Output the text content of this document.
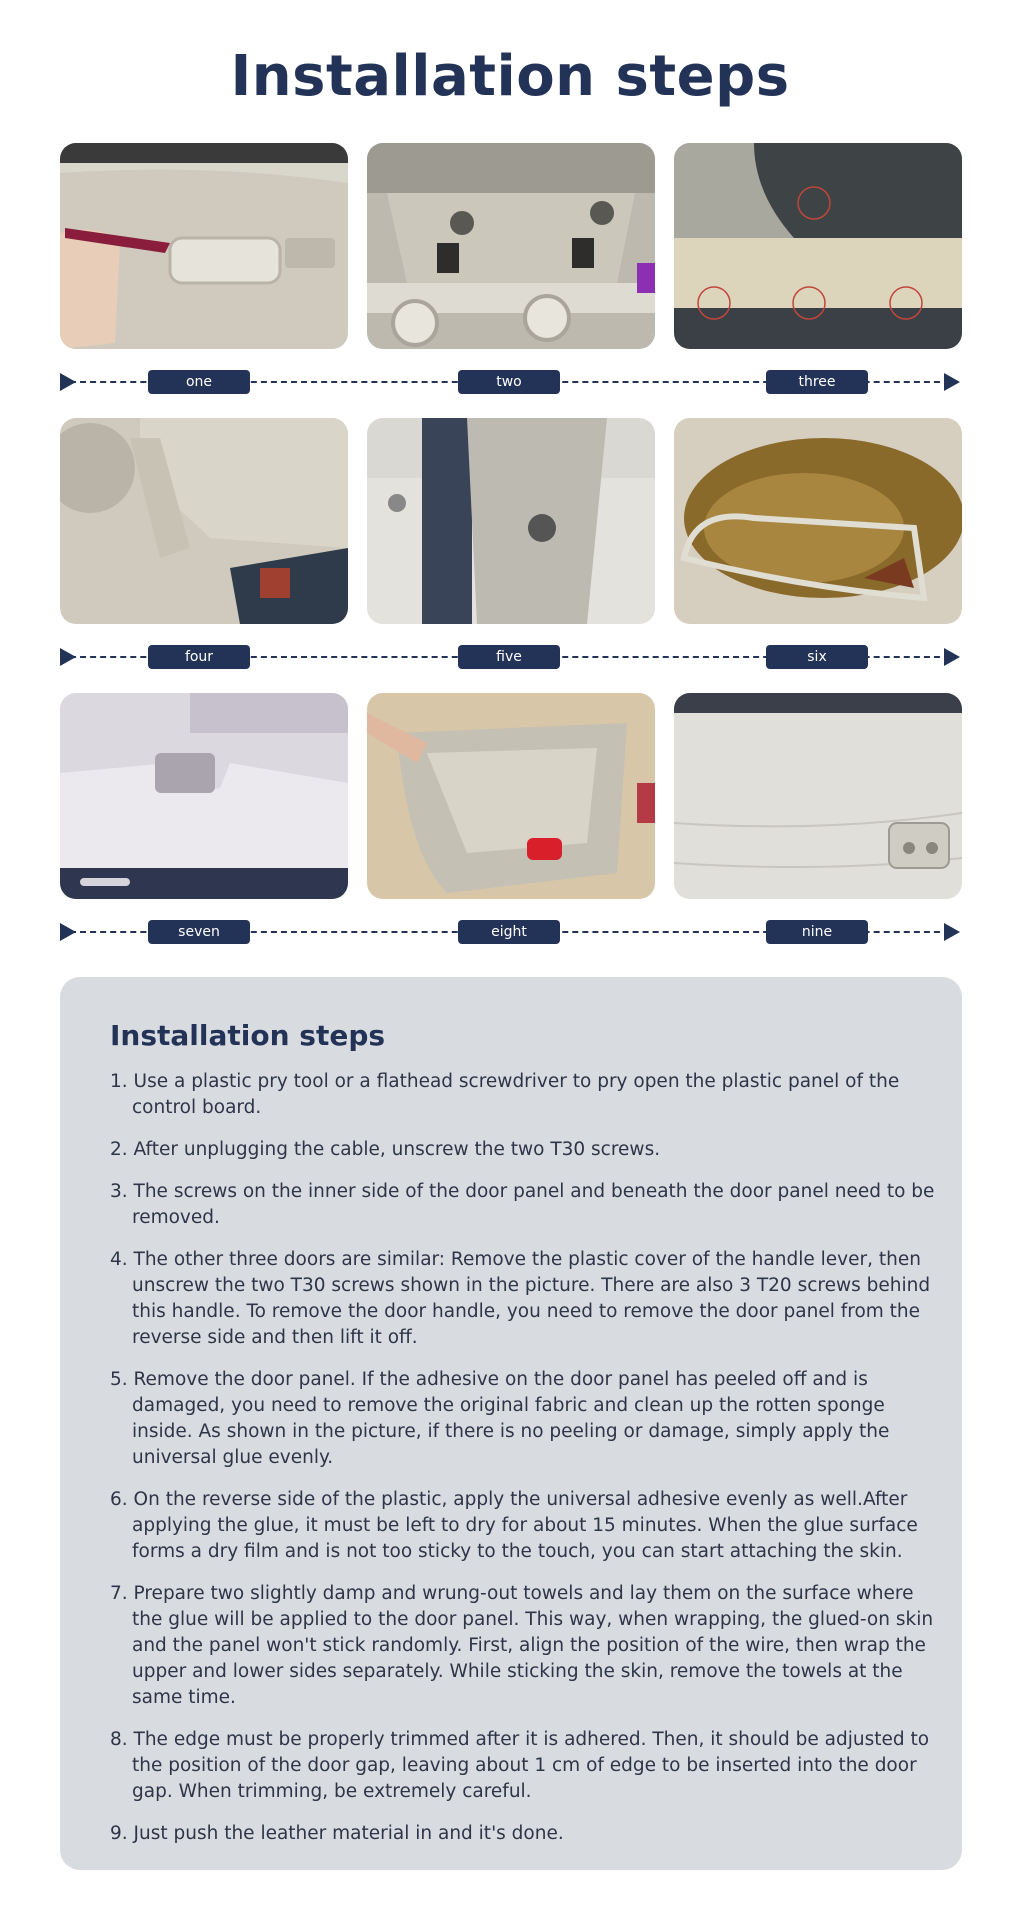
Installation steps
one	two	three
four	five	six
seven	eight	nine
Installation steps
1. Use a plastic pry tool or a flathead screwdriver to pry open the plastic panel of the control board.
2. After unplugging the cable, unscrew the two T30 screws.
3. The screws on the inner side of the door panel and beneath the door panel need to be removed.
4. The other three doors are similar: Remove the plastic cover of the handle lever, then unscrew the two T30 screws shown in the picture. There are also 3 T20 screws behind this handle. To remove the door handle, you need to remove the door panel from the reverse side and then lift it off.
5. Remove the door panel. If the adhesive on the door panel has peeled off and is damaged, you need to remove the original fabric and clean up the rotten sponge inside. As shown in the picture, if there is no peeling or damage, simply apply the universal glue evenly.
6. On the reverse side of the plastic, apply the universal adhesive evenly as well.After applying the glue, it must be left to dry for about 15 minutes. When the glue surface forms a dry film and is not too sticky to the touch, you can start attaching the skin.
7. Prepare two slightly damp and wrung-out towels and lay them on the surface where the glue will be applied to the door panel. This way, when wrapping, the glued-on skin and the panel won't stick randomly. First, align the position of the wire, then wrap the upper and lower sides separately. While sticking the skin, remove the towels at the same time.
8. The edge must be properly trimmed after it is adhered. Then, it should be adjusted to the position of the door gap, leaving about 1 cm of edge to be inserted into the door gap. When trimming, be extremely careful.
9. Just push the leather material in and it's done.
